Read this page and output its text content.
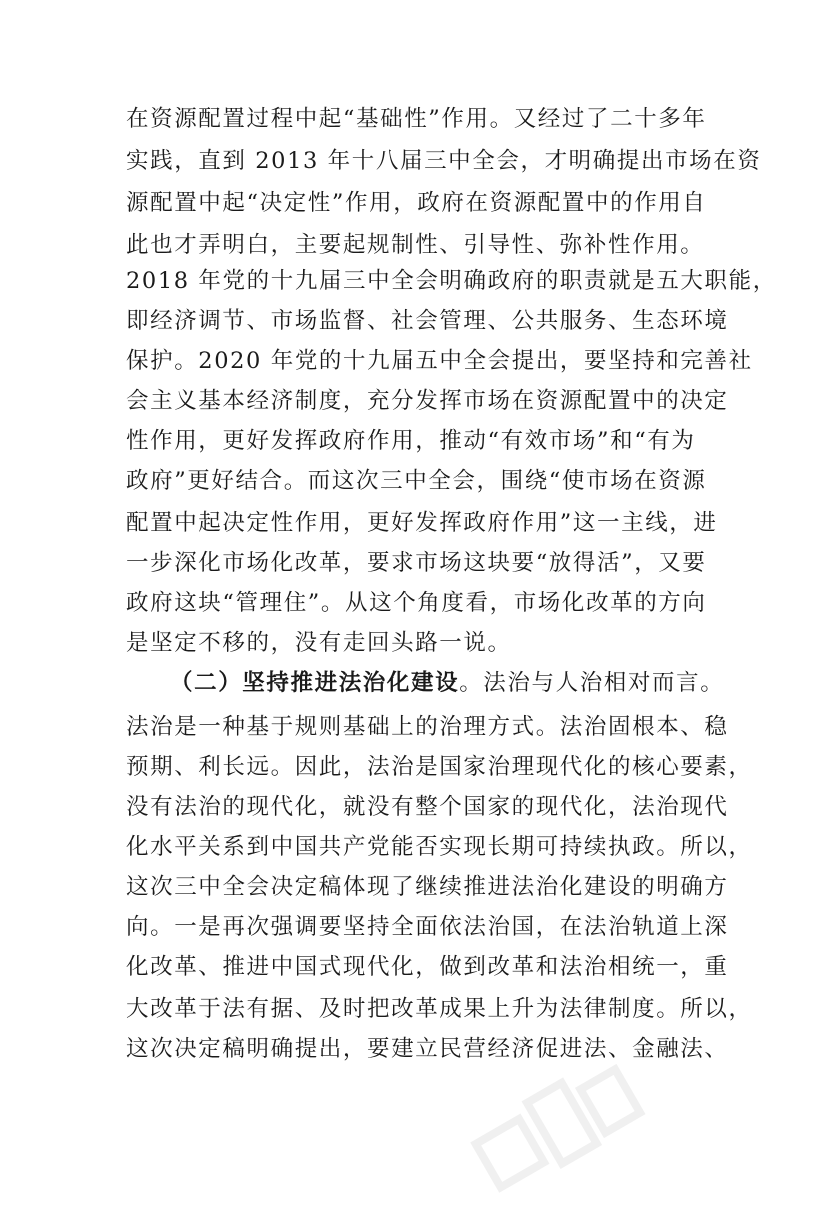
在资源配置过程中起“基础性”作用。又经过了二十多年
实践，直到 2013 年十八届三中全会，才明确提出市场在资
源配置中起“决定性”作用，政府在资源配置中的作用自
此也才弄明白，主要起规制性、引导性、弥补性作用。
2018 年党的十九届三中全会明确政府的职责就是五大职能，
即经济调节、市场监督、社会管理、公共服务、生态环境
保护。2020 年党的十九届五中全会提出，要坚持和完善社
会主义基本经济制度，充分发挥市场在资源配置中的决定
性作用，更好发挥政府作用，推动“有效市场”和“有为
政府”更好结合。而这次三中全会，围绕“使市场在资源
配置中起决定性作用，更好发挥政府作用”这一主线，进
一步深化市场化改革，要求市场这块要“放得活”，又要
政府这块“管理住”。从这个角度看，市场化改革的方向
是坚定不移的，没有走回头路一说。
（二）坚持推进法治化建设。法治与人治相对而言。
法治是一种基于规则基础上的治理方式。法治固根本、稳
预期、利长远。因此，法治是国家治理现代化的核心要素，
没有法治的现代化，就没有整个国家的现代化，法治现代
化水平关系到中国共产党能否实现长期可持续执政。所以，
这次三中全会决定稿体现了继续推进法治化建设的明确方
向。一是再次强调要坚持全面依法治国，在法治轨道上深
化改革、推进中国式现代化，做到改革和法治相统一，重
大改革于法有据、及时把改革成果上升为法律制度。所以，
这次决定稿明确提出，要建立民营经济促进法、金融法、
